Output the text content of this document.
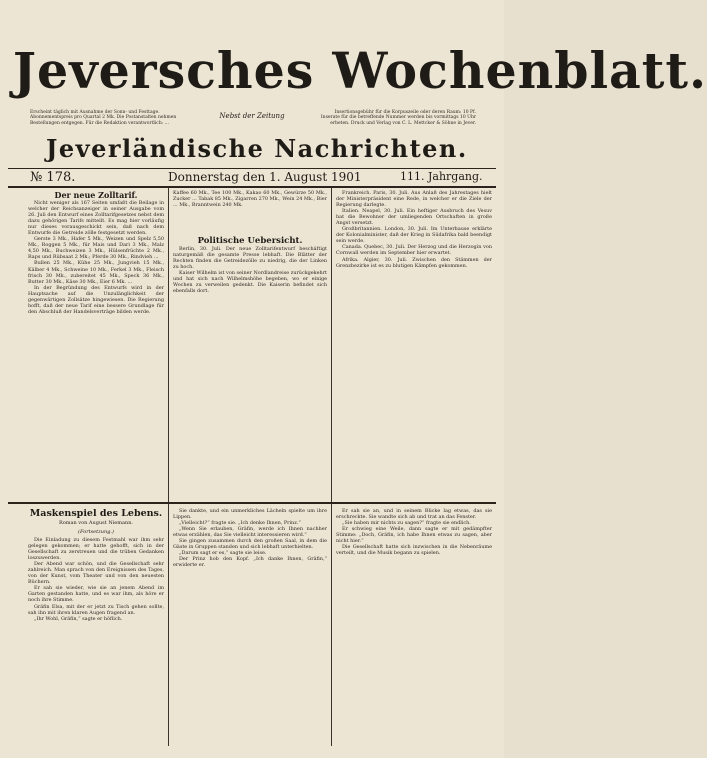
Jeversches Wochenblatt.
Erscheint täglich mit Ausnahme der Sonn- und Festtage. Abonnementspreis pro Quartal 2 Mk. Die Postanstalten nehmen Bestellungen entgegen. Für die Redaktion verantwortlich: ...
Nebst der Zeitung	Insertionsgebühr für die Korpuszeile oder deren Raum: 10 Pf. Inserate für die betreffende Nummer werden bis vormittags 10 Uhr erbeten. Druck und Verlag von C. L. Mettcker & Söhne in Jever.
Jeverländische Nachrichten.
№ 178.	Donnerstag den 1. August 1901	111. Jahrgang.
Der neue Zolltarif.

Nicht weniger als 167 Seiten umfaßt die Beilage in welcher der Reichsanzeiger in seiner Ausgabe vom 26. Juli den Entwurf eines Zolltarifgesetzes nebst dem dazu gehörigen Tarifs mitteilt. Es mag hier vorläufig nur dieses vorausgeschickt sein, daß nach dem Entwurfe die Getreide zölle festgesetzt werden.

Gerste 3 Mk., Hafer 5 Mk., Weizen und Spelz 5,50 Mk., Roggen 5 Mk., für Mais und Dari 3 Mk., Malz 4,50 Mk., Buchweizen 3 Mk., Hülsenfrüchte 2 Mk., Raps und Rübsaat 2 Mk.; Pferde 30 Mk., Rindvieh ...

Bullen 25 Mk., Kühe 25 Mk., Jungvieh 15 Mk., Kälber 4 Mk., Schweine 10 Mk., Ferkel 3 Mk., Fleisch frisch 30 Mk., zubereitet 45 Mk., Speck 36 Mk., Butter 30 Mk., Käse 30 Mk., Eier 6 Mk. ...

In der Begründung des Entwurfs wird in der Hauptsache auf die Unzulänglichkeit der gegenwärtigen Zollsätze hingewiesen. Die Regierung hofft, daß der neue Tarif eine bessere Grundlage für den Abschluß der Handelsverträge bilden werde.

Kaffee 60 Mk., Tee 100 Mk., Kakao 60 Mk., Gewürze 50 Mk., Zucker ... Tabak 85 Mk., Zigarren 270 Mk., Wein 24 Mk., Bier ... Mk., Branntwein 240 Mk.
Politische Uebersicht.

Berlin, 30. Juli. Der neue Zolltarifentwurf beschäftigt naturgemäß die gesamte Presse lebhaft. Die Blätter der Rechten finden die Getreidezölle zu niedrig, die der Linken zu hoch.

Kaiser Wilhelm ist von seiner Nordlandreise zurückgekehrt und hat sich nach Wilhelmshöhe begeben, wo er einige Wochen zu verweilen gedenkt. Die Kaiserin befindet sich ebenfalls dort.

Frankreich. Paris, 30. Juli. Aus Anlaß des Jahrestages hielt der Ministerpräsident eine Rede, in welcher er die Ziele der Regierung darlegte.

Italien. Neapel, 30. Juli. Ein heftiger Ausbruch des Vesuv hat die Bewohner der umliegenden Ortschaften in große Angst versetzt.

Großbritannien. London, 30. Juli. Im Unterhause erklärte der Kolonialminister, daß der Krieg in Südafrika bald beendigt sein werde.

Canada. Quebec, 30. Juli. Der Herzog und die Herzogin von Cornwall werden im September hier erwartet.

Afrika. Algier, 30. Juli. Zwischen den Stämmen der Grenzbezirke ist es zu blutigen Kämpfen gekommen.

Maskenspiel des Lebens.
Roman von August Niemann.
(Fortsetzung.)

Die Einladung zu diesem Festmahl war ihm sehr gelegen gekommen; er hatte gehofft, sich in der Gesellschaft zu zerstreuen und die trüben Gedanken loszuwerden.

Der Abend war schön, und die Gesellschaft sehr zahlreich. Man sprach von den Ereignissen des Tages, von der Kunst, vom Theater und von den neuesten Büchern.

Er sah sie wieder, wie sie an jenem Abend im Garten gestanden hatte, und es war ihm, als höre er noch ihre Stimme.

Gräfin Elsa, mit der er jetzt zu Tisch gehen sollte, sah ihn mit ihren klaren Augen fragend an.

„Ihr Wohl, Gräfin,“ sagte er höflich.

Sie dankte, und ein unmerkliches Lächeln spielte um ihre Lippen.

„Vielleicht?“ fragte sie. „Ich denke Ihnen, Prinz.“

„Wenn Sie erlauben, Gräfin, werde ich Ihnen nachher etwas erzählen, das Sie vielleicht interessieren wird.“

Sie gingen zusammen durch den großen Saal, in dem die Gäste in Gruppen standen und sich lebhaft unterhielten.

„Darum sagt er es,“ sagte sie leise.

Der Prinz hob den Kopf. „Ich danke Ihnen, Gräfin,“ erwiderte er.

Er sah sie an, und in seinem Blicke lag etwas, das sie erschreckte. Sie wandte sich ab und trat an das Fenster.

„Sie haben mir nichts zu sagen?“ fragte sie endlich.

Er schwieg eine Weile, dann sagte er mit gedämpfter Stimme: „Doch, Gräfin, ich habe Ihnen etwas zu sagen, aber nicht hier.“

Die Gesellschaft hatte sich inzwischen in die Nebenräume verteilt, und die Musik begann zu spielen.
